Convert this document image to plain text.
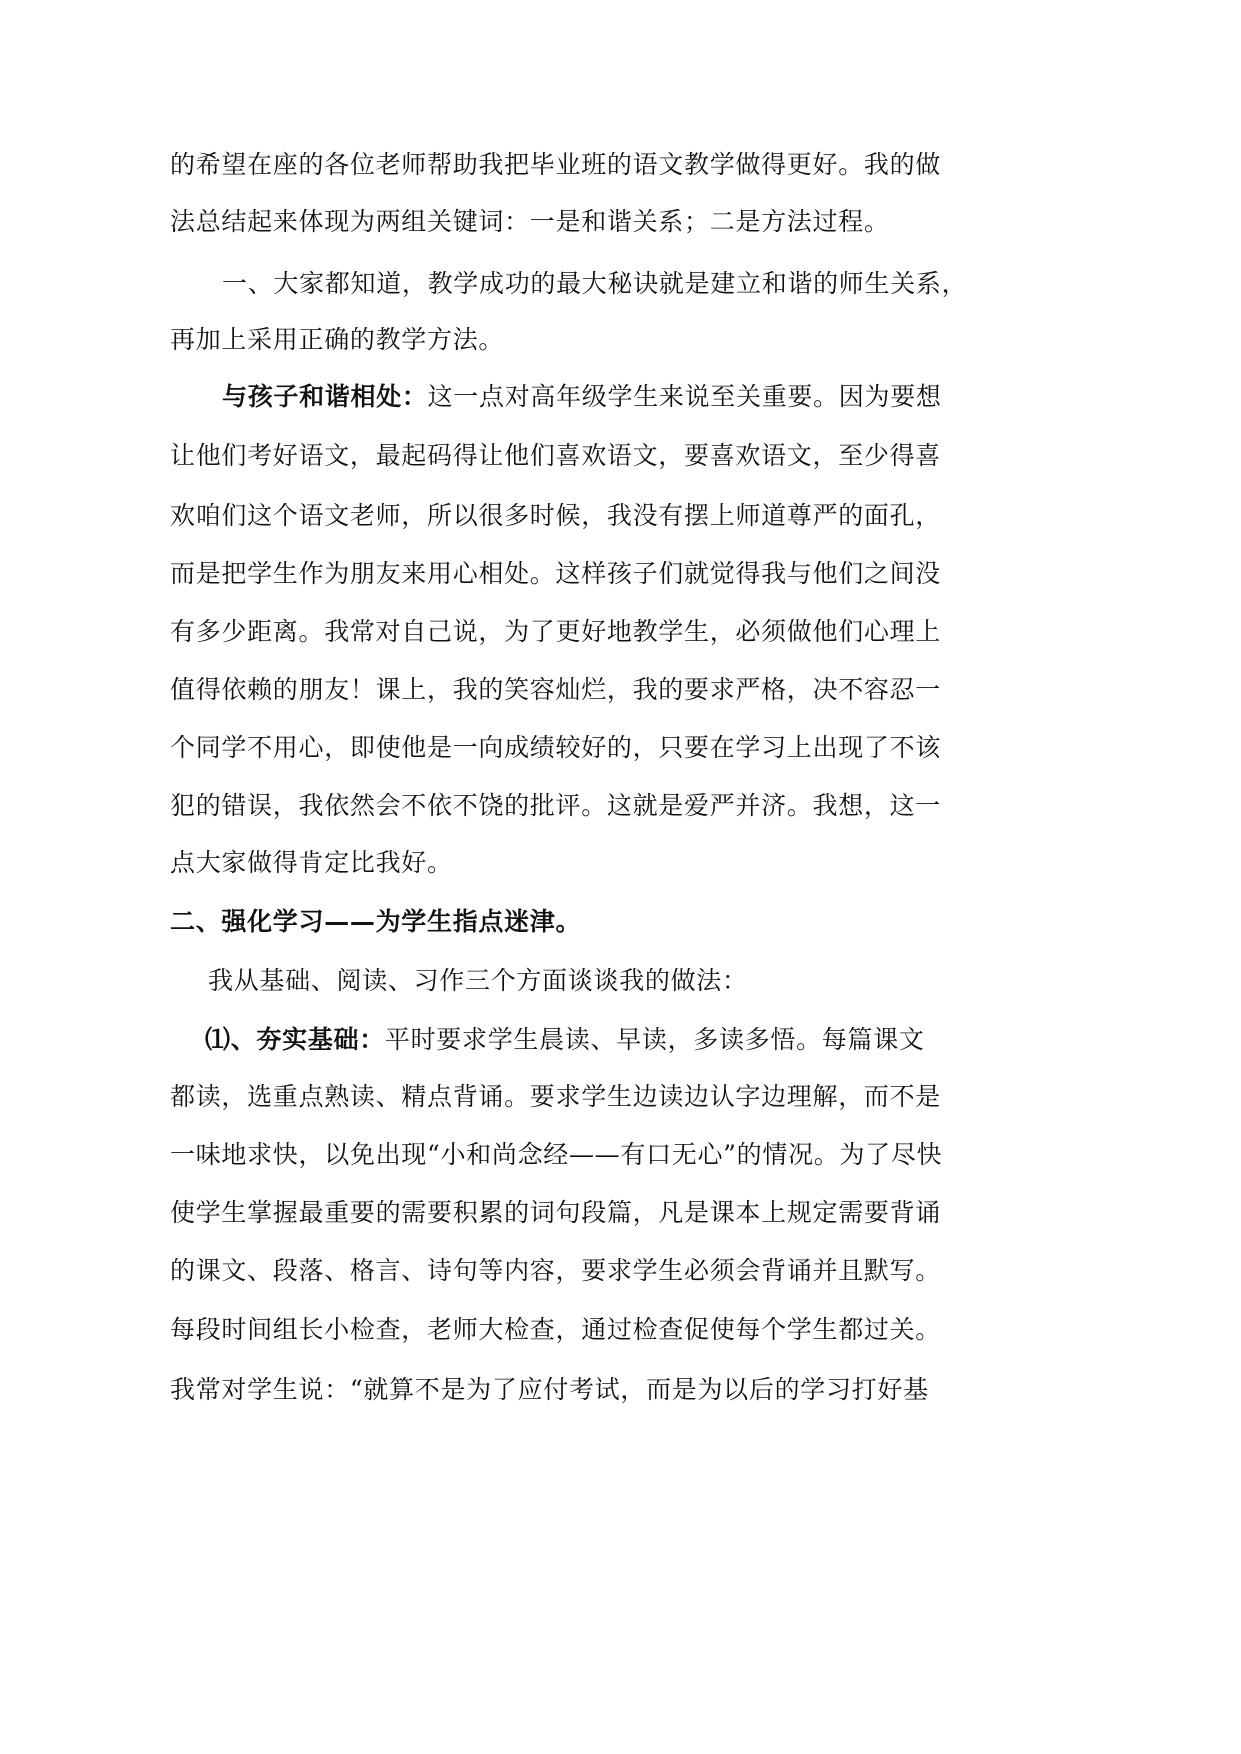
的希望在座的各位老师帮助我把毕业班的语文教学做得更好。我的做
法总结起来体现为两组关键词：一是和谐关系；二是方法过程。
一、大家都知道，教学成功的最大秘诀就是建立和谐的师生关系，
再加上采用正确的教学方法。
与孩子和谐相处：这一点对高年级学生来说至关重要。因为要想
让他们考好语文，最起码得让他们喜欢语文，要喜欢语文，至少得喜
欢咱们这个语文老师，所以很多时候，我没有摆上师道尊严的面孔，
而是把学生作为朋友来用心相处。这样孩子们就觉得我与他们之间没
有多少距离。我常对自己说，为了更好地教学生，必须做他们心理上
值得依赖的朋友！课上，我的笑容灿烂，我的要求严格，决不容忍一
个同学不用心，即使他是一向成绩较好的，只要在学习上出现了不该
犯的错误，我依然会不依不饶的批评。这就是爱严并济。我想，这一
点大家做得肯定比我好。
二、强化学习——为学生指点迷津。
我从基础、阅读、习作三个方面谈谈我的做法：
⑴、夯实基础：平时要求学生晨读、早读，多读多悟。每篇课文
都读，选重点熟读、精点背诵。要求学生边读边认字边理解，而不是
一味地求快，以免出现“小和尚念经——有口无心”的情况。为了尽快
使学生掌握最重要的需要积累的词句段篇，凡是课本上规定需要背诵
的课文、段落、格言、诗句等内容，要求学生必须会背诵并且默写。
每段时间组长小检查，老师大检查，通过检查促使每个学生都过关。
我常对学生说：“就算不是为了应付考试，而是为以后的学习打好基
